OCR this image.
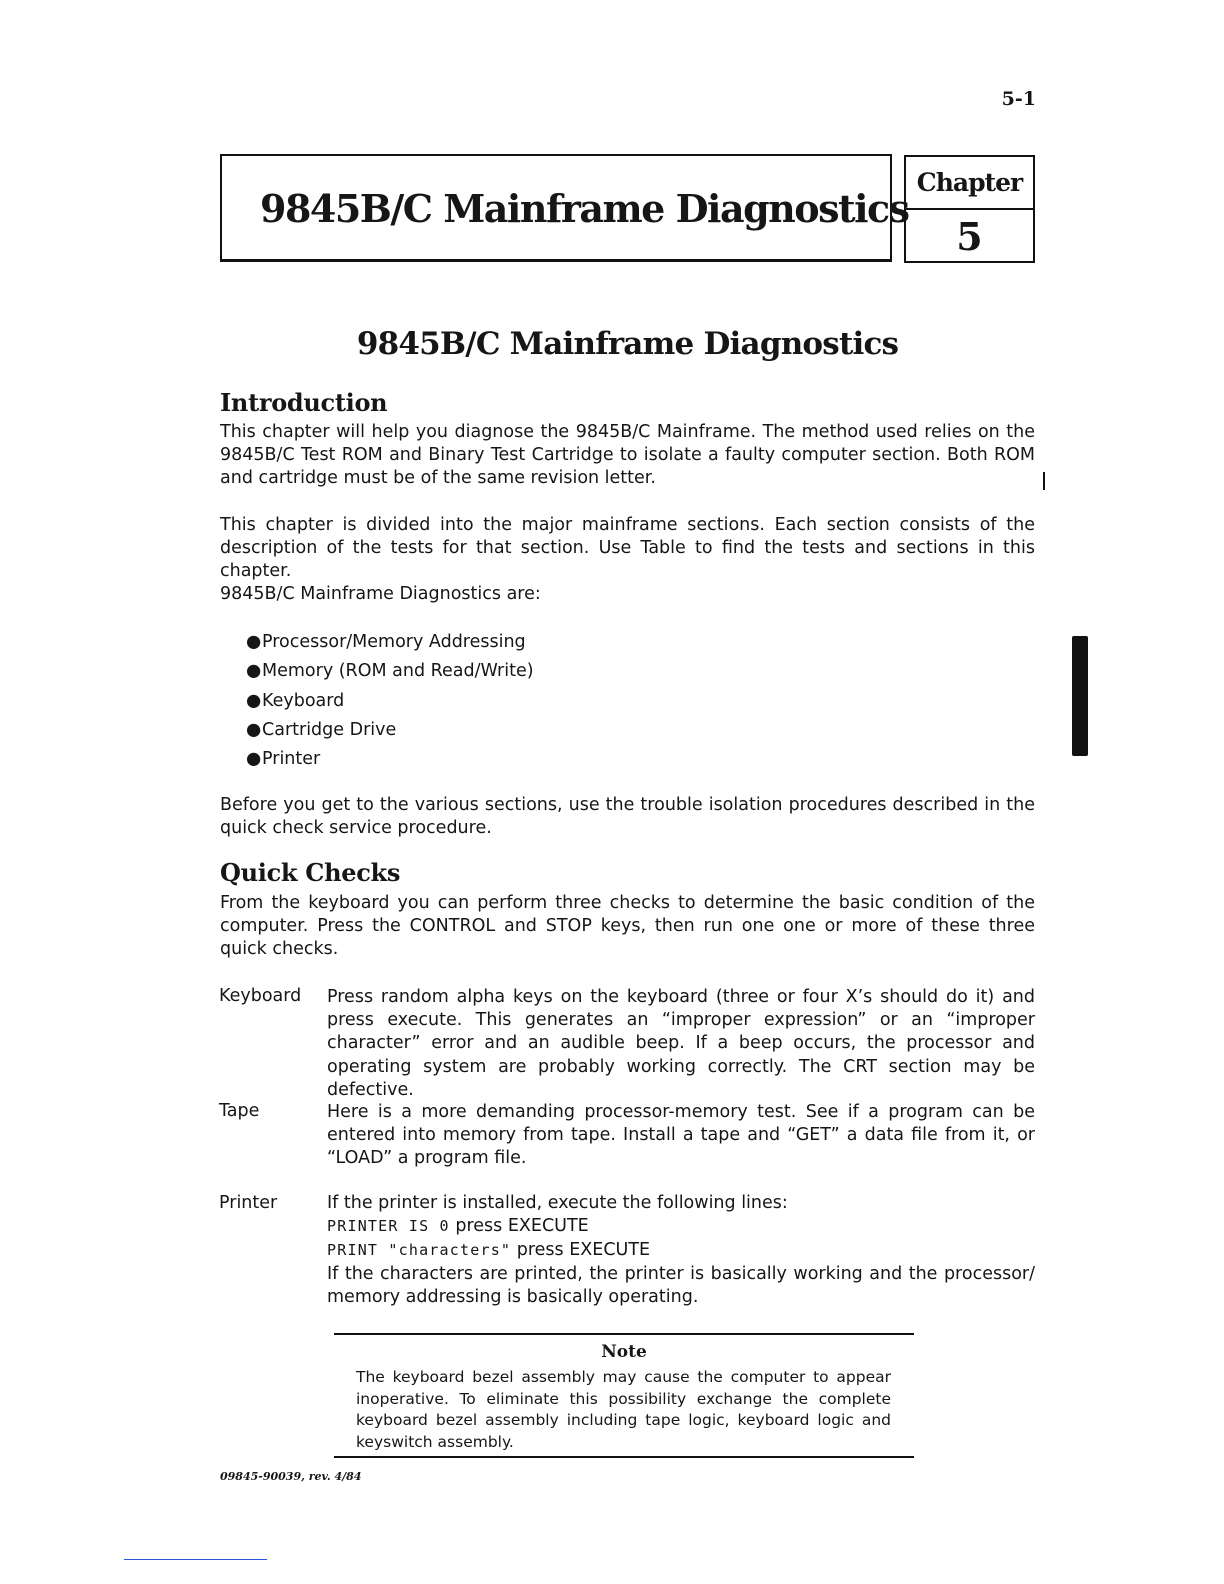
5-1
9845B/C Mainframe Diagnostics
Chapter
5
9845B/C Mainframe Diagnostics
Introduction

This chapter will help you diagnose the 9845B/C Mainframe. The method used relies on the 9845B/C Test ROM and Binary Test Cartridge to isolate a faulty computer section. Both ROM and cartridge must be of the same revision letter.

This chapter is divided into the major mainframe sections. Each section consists of the description of the tests for that section. Use Table to find the tests and sections in this chapter.

9845B/C Mainframe Diagnostics are:
●Processor/Memory Addressing
●Memory (ROM and Read/Write)
●Keyboard
●Cartridge Drive
●Printer

Before you get to the various sections, use the trouble isolation procedures described in the quick check service procedure.

Quick Checks

From the keyboard you can perform three checks to determine the basic condition of the computer. Press the CONTROL and STOP keys, then run one one or more of these three quick checks.

Keyboard Press random alpha keys on the keyboard (three or four X’s should do it) and press execute. This generates an “improper expression” or an “improper character” error and an audible beep. If a beep occurs, the processor and operating system are probably working correctly. The CRT section may be defective.

Tape	Here is a more demanding processor-memory test. See if a program can be entered into memory from tape. Install a tape and “GET” a data file from it, or “LOAD” a program file.

Printer	If the printer is installed, execute the following lines:
PRINTER IS 0 press EXECUTE
PRINT "characters" press EXECUTE

If the characters are printed, the printer is basically working and the processor/ memory addressing is basically operating.

Note

The keyboard bezel assembly may cause the computer to appear inoperative. To eliminate this possibility exchange the complete keyboard bezel assembly including tape logic, keyboard logic and keyswitch assembly.

09845-90039, rev. 4/84
